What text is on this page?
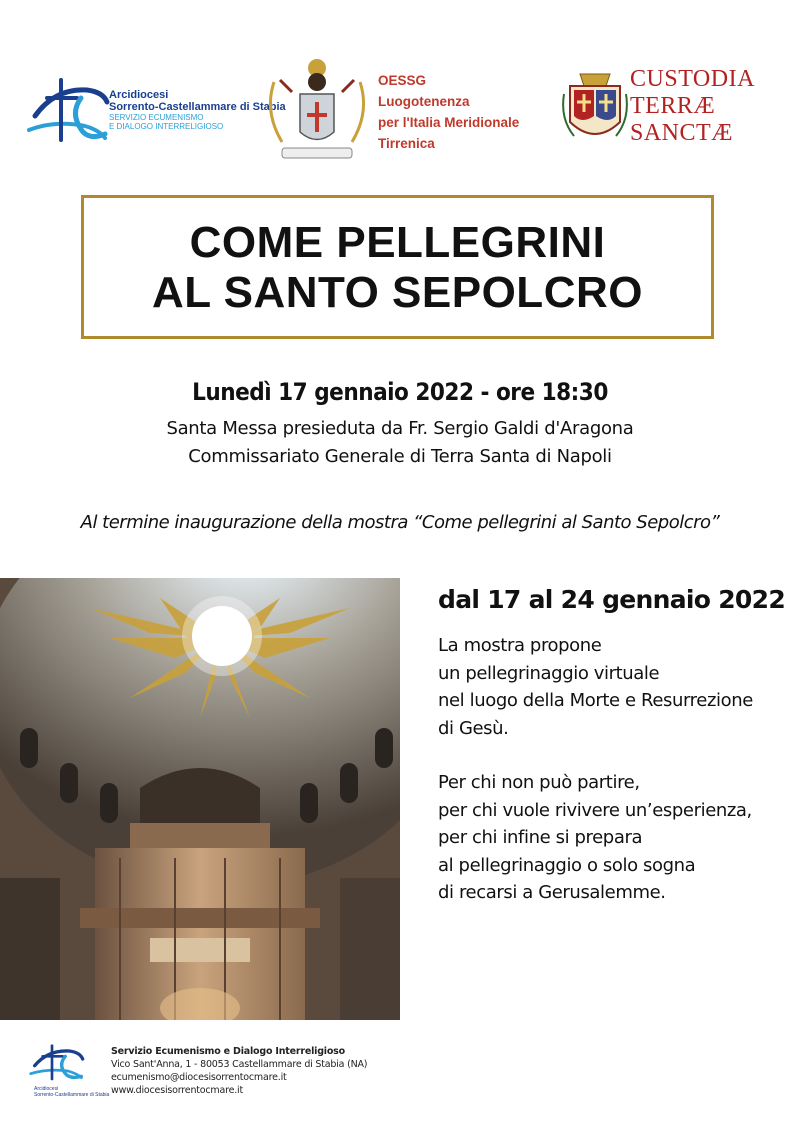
Arcidiocesi
Sorrento-Castellammare di Stabia
SERVIZIO ECUMENISMO
E DIALOGO INTERRELIGIOSO
OESSG
Luogotenenza
per l'Italia Meridionale
Tirrenica
CUSTODIA
TERRÆ
SANCTÆ
COME PELLEGRINI
AL SANTO SEPOLCRO
Lunedì 17 gennaio 2022 - ore 18:30
Santa Messa presieduta da Fr. Sergio Galdi d'Aragona
Commissariato Generale di Terra Santa di Napoli
Al termine inaugurazione della mostra “Come pellegrini al Santo Sepolcro”
dal 17 al 24 gennaio 2022
La mostra propone
un pellegrinaggio virtuale
nel luogo della Morte e Resurrezione
di Gesù.
Per chi non può partire,
per chi vuole rivivere un’esperienza,
per chi infine si prepara
al pellegrinaggio o solo sogna
di recarsi a Gerusalemme.
Arcidiocesi
Sorrento-Castellammare di Stabia
Servizio Ecumenismo e Dialogo Interreligioso
Vico Sant'Anna, 1 - 80053 Castellammare di Stabia (NA)
ecumenismo@diocesisorrentocmare.it
www.diocesisorrentocmare.it
